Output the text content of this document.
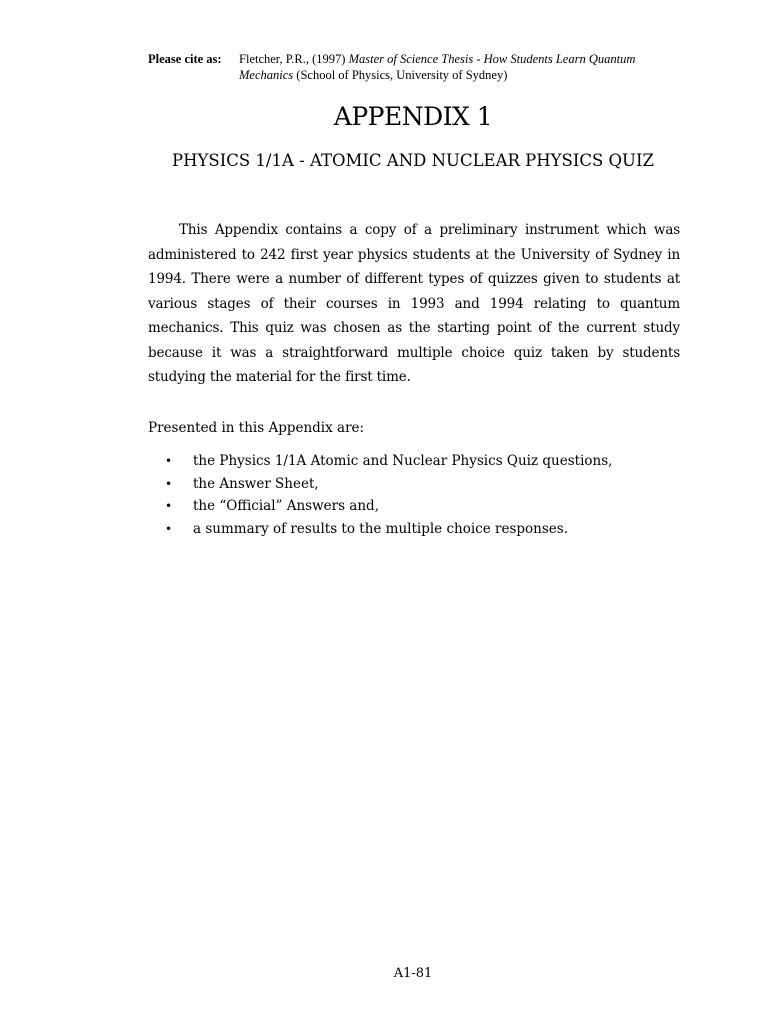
Please cite as: Fletcher, P.R., (1997) Master of Science Thesis - How Students Learn Quantum Mechanics (School of Physics, University of Sydney)
APPENDIX 1
PHYSICS 1/1A - ATOMIC AND NUCLEAR PHYSICS QUIZ
This Appendix contains a copy of a preliminary instrument which was administered to 242 first year physics students at the University of Sydney in 1994. There were a number of different types of quizzes given to students at various stages of their courses in 1993 and 1994 relating to quantum mechanics. This quiz was chosen as the starting point of the current study because it was a straightforward multiple choice quiz taken by students studying the material for the first time.
Presented in this Appendix are:
• the Physics 1/1A Atomic and Nuclear Physics Quiz questions,
• the Answer Sheet,
• the “Official” Answers and,
• a summary of results to the multiple choice responses.
A1-81
